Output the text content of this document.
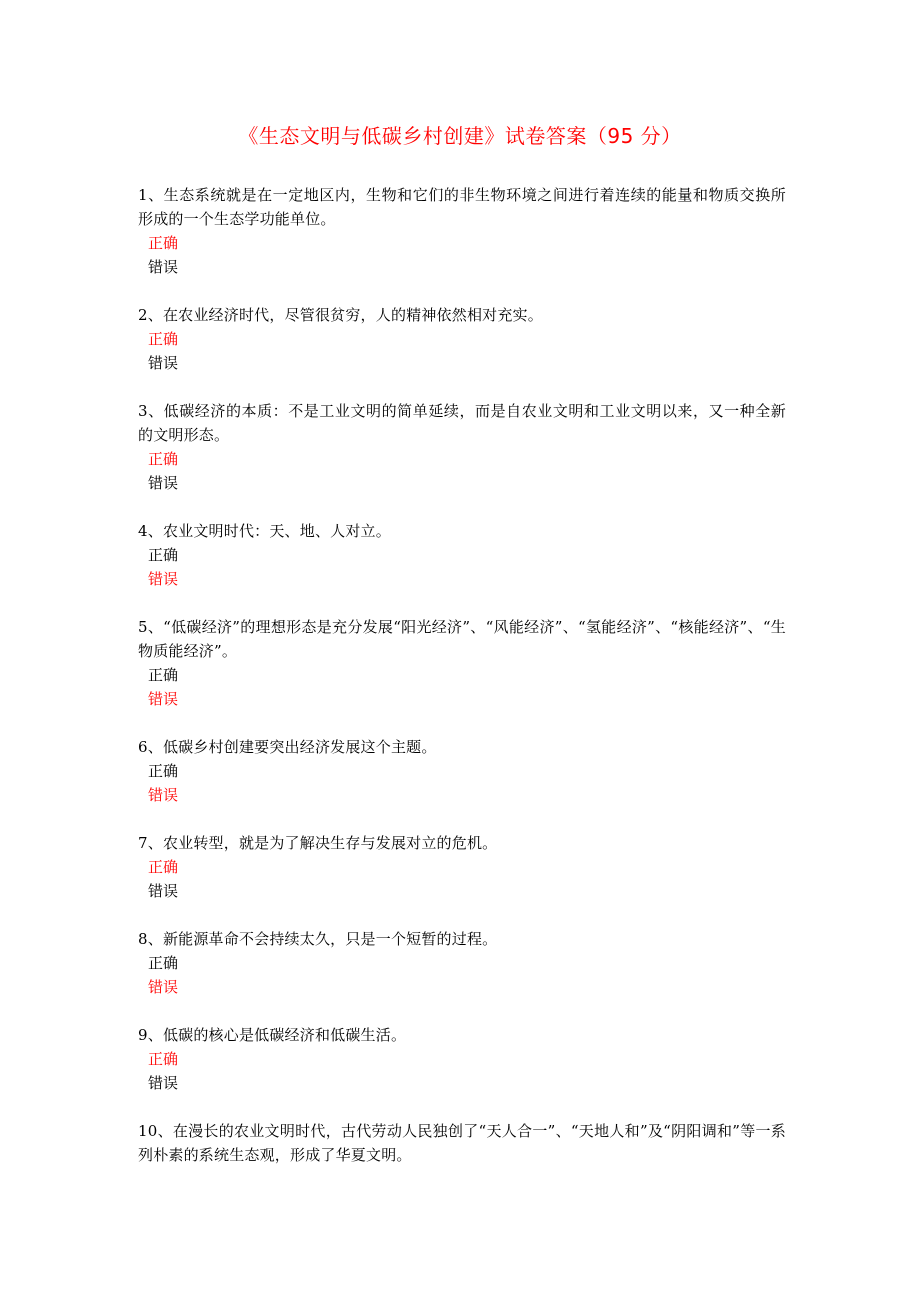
《生态文明与低碳乡村创建》试卷答案（95 分）

1、生态系统就是在一定地区内，生物和它们的非生物环境之间进行着连续的能量和物质交换所形成的一个生态学功能单位。

正确
错误

2、在农业经济时代，尽管很贫穷，人的精神依然相对充实。

正确
错误

3、低碳经济的本质：不是工业文明的简单延续，而是自农业文明和工业文明以来，又一种全新的文明形态。

正确
错误

4、农业文明时代：天、地、人对立。

正确
错误

5、“低碳经济”的理想形态是充分发展“阳光经济”、“风能经济”、“氢能经济”、“核能经济”、“生物质能经济”。

正确
错误

6、低碳乡村创建要突出经济发展这个主题。

正确
错误

7、农业转型，就是为了解决生存与发展对立的危机。

正确
错误

8、新能源革命不会持续太久，只是一个短暂的过程。

正确
错误

9、低碳的核心是低碳经济和低碳生活。

正确
错误

10、在漫长的农业文明时代，古代劳动人民独创了“天人合一”、“天地人和”及“阴阳调和”等一系列朴素的系统生态观，形成了华夏文明。
